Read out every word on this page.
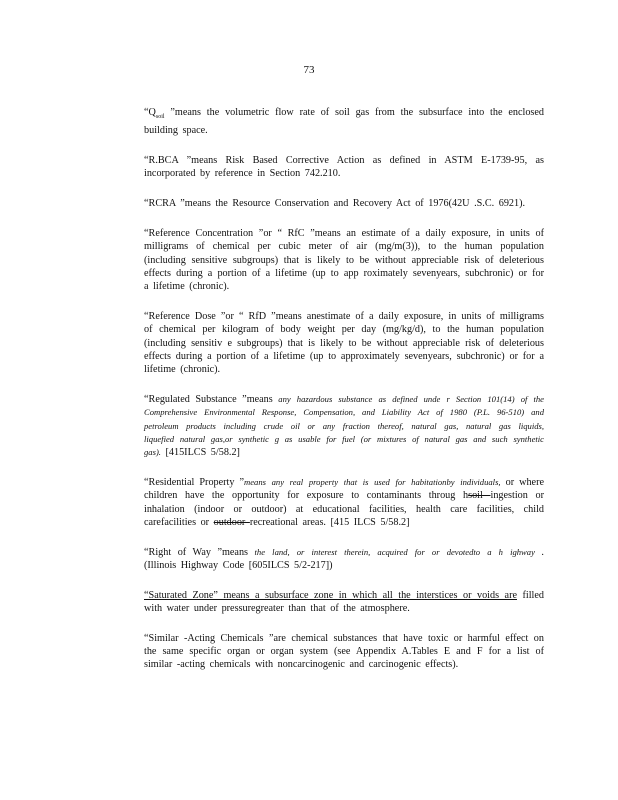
73

“$Q_{soil}$ ”means the volumetric flow rate of soil gas from the subsurface into the enclosed building space.

“R.BCA ”means Risk Based Corrective Action as defined in ASTM E-1739-95, as incorporated by reference in Section 742.210.

“RCRA ”means the Resource Conservation and Recovery Act of 1976(42U .S.C. 6921).

“Reference Concentration ”or “ RfC ”means an estimate of a daily exposure, in units of milligrams of chemical per cubic meter of air (mg/m(3)), to the human population (including sensitive subgroups) that is likely to be without appreciable risk of deleterious effects during a portion of a lifetime (up to app roximately sevenyears, subchronic) or for a lifetime (chronic).

“Reference Dose ”or “ RfD ”means anestimate of a daily exposure, in units of milligrams of chemical per kilogram of body weight per day (mg/kg/d), to the human population (including sensitiv e subgroups) that is likely to be without appreciable risk of deleterious effects during a portion of a lifetime (up to approximately sevenyears, subchronic) or for a lifetime (chronic).

“Regulated Substance ”means any hazardous substance as defined unde r Section 101(14) of the Comprehensive Environmental Response, Compensation, and Liability Act of 1980 (P.L. 96-510) and petroleum products including crude oil or any fraction thereof, natural gas, natural gas liquids, liquefied natural gas,or synthetic g as usable for fuel (or mixtures of natural gas and such synthetic gas). [415ILCS 5/58.2]

“Residential Property ”means any real property that is used for habitationby individuals, or where children have the opportunity for exposure to contaminants throug hsoil ingestion or inhalation (indoor or outdoor) at educational facilities, health care facilities, child carefacilities or outdoor recreational areas. [415 ILCS 5/58.2]

“Right of Way ”means the land, or interest therein, acquired for or devotedto a h ighway . (Illinois Highway Code [605ILCS 5/2-217])

“Saturated Zone” means a subsurface zone in which all the interstices or voids are filled with water under pressuregreater than that of the atmosphere.

“Similar -Acting Chemicals ”are chemical substances that have toxic or harmful effect on the same specific organ or organ system (see Appendix A.Tables E and F for a list of similar -acting chemicals with noncarcinogenic and carcinogenic effects).
